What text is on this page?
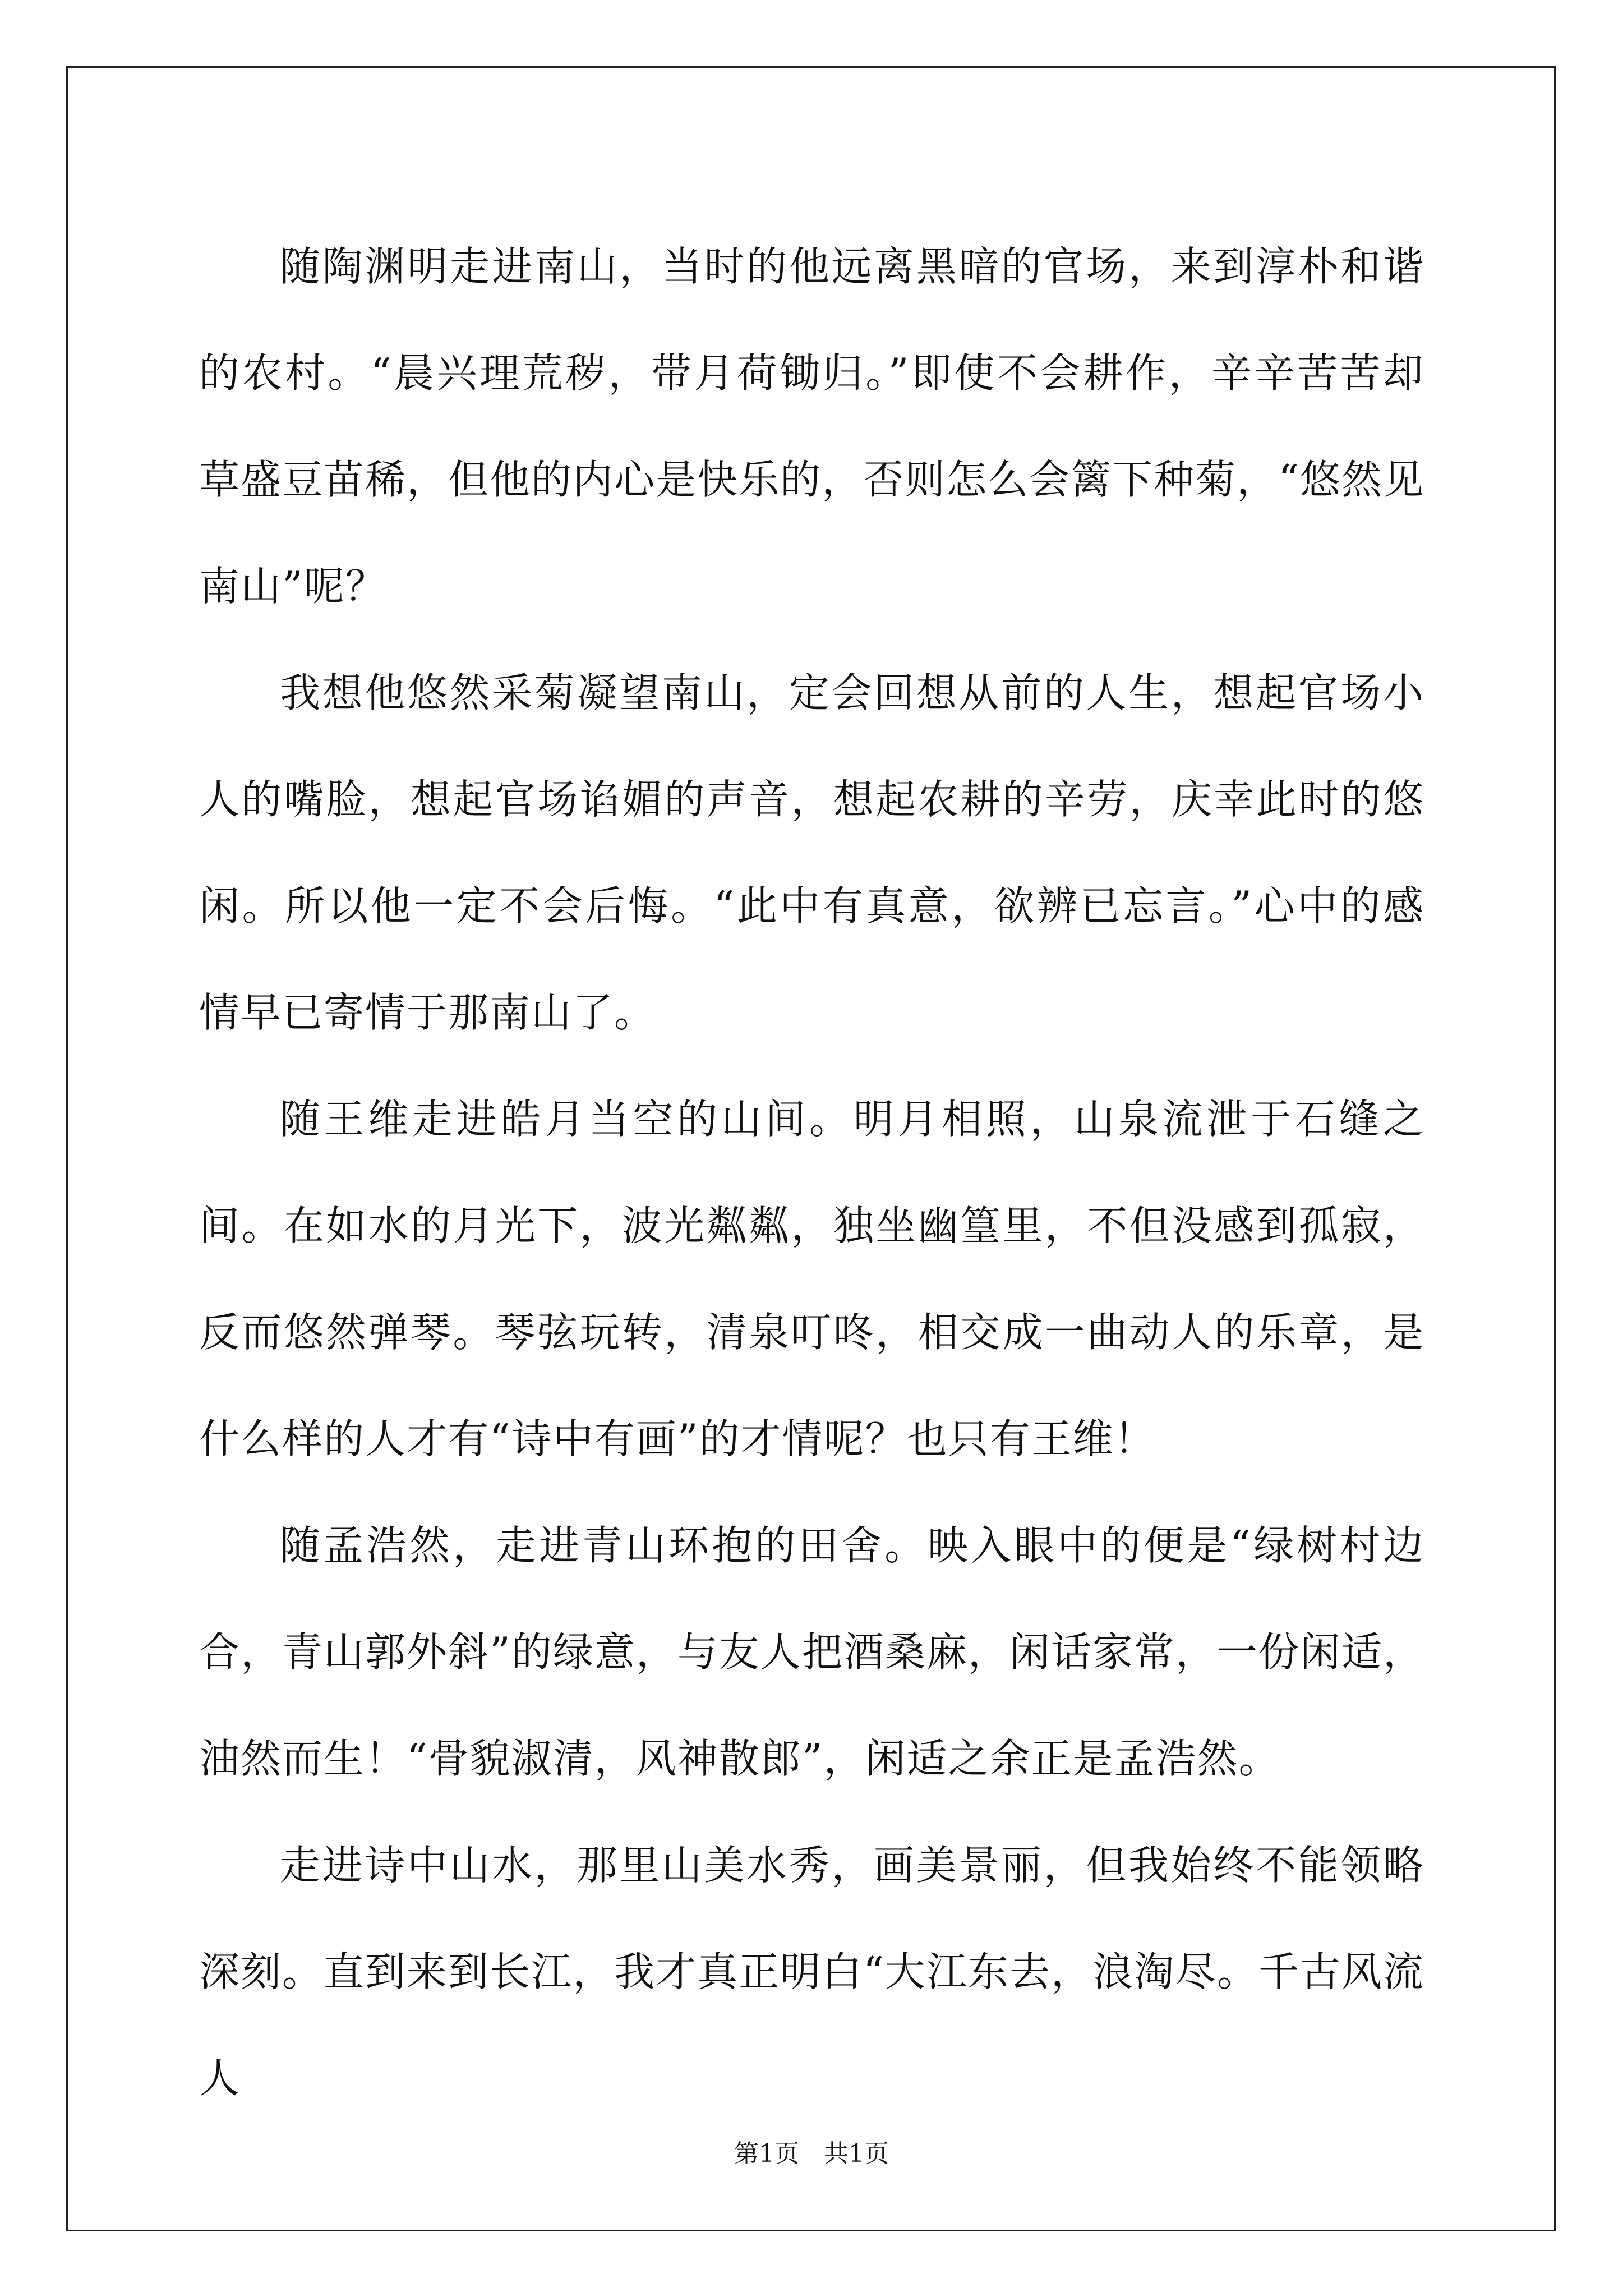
随陶渊明走进南山，当时的他远离黑暗的官场，来到淳朴和谐的农村。“晨兴理荒秽，带月荷锄归。”即使不会耕作，辛辛苦苦却草盛豆苗稀，但他的内心是快乐的，否则怎么会篱下种菊，“悠然见南山”呢？

我想他悠然采菊凝望南山，定会回想从前的人生，想起官场小人的嘴脸，想起官场谄媚的声音，想起农耕的辛劳，庆幸此时的悠闲。所以他一定不会后悔。“此中有真意，欲辨已忘言。”心中的感情早已寄情于那南山了。

随王维走进皓月当空的山间。明月相照，山泉流泄于石缝之间。在如水的月光下，波光粼粼，独坐幽篁里，不但没感到孤寂，反而悠然弹琴。琴弦玩转，清泉叮咚，相交成一曲动人的乐章，是什么样的人才有“诗中有画”的才情呢？也只有王维！

随孟浩然，走进青山环抱的田舍。映入眼中的便是“绿树村边合，青山郭外斜”的绿意，与友人把酒桑麻，闲话家常，一份闲适，油然而生！“骨貌淑清，风神散郎”，闲适之余正是孟浩然。

走进诗中山水，那里山美水秀，画美景丽，但我始终不能领略深刻。直到来到长江，我才真正明白“大江东去，浪淘尽。千古风流人

第1页 共1页
